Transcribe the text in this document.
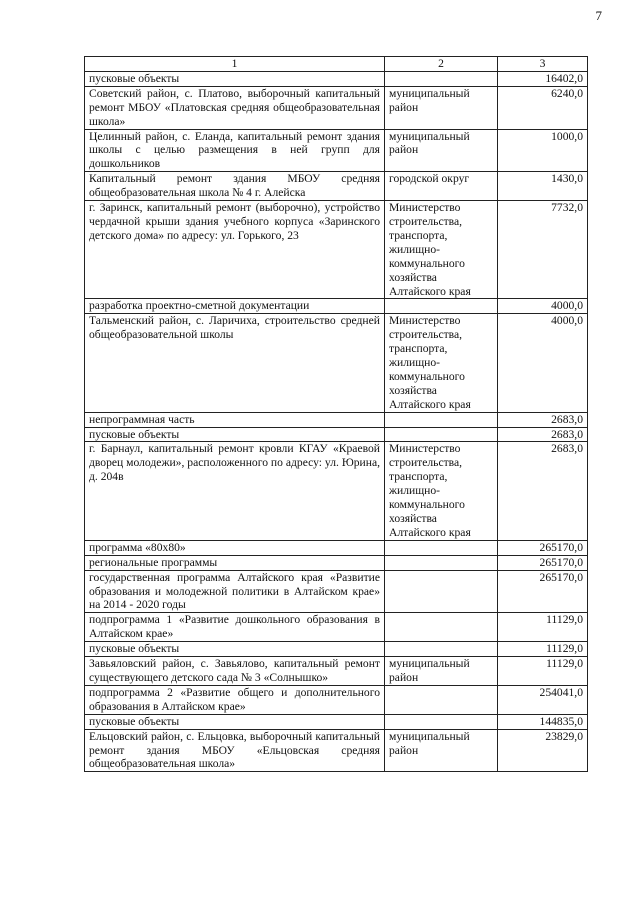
7
1	2	3
пусковые объекты		16402,0
Советский район, с. Платово, выборочный капитальный ремонт МБОУ «Платовская средняя общеобразовательная школа»	муниципальный район	6240,0
Целинный район, с. Еланда, капитальный ремонт здания школы с целью размещения в ней групп для дошкольников	муниципальный район	1000,0
Капитальный ремонт здания МБОУ средняя общеобразовательная школа № 4 г. Алейска	городской округ	1430,0
г. Заринск, капитальный ремонт (выборочно), устройство чердачной крыши здания учебного корпуса «Заринского детского дома» по адресу: ул. Горького, 23	Министерство строительства, транспорта, жилищно-коммунального хозяйства Алтайского края	7732,0
разработка проектно-сметной документации		4000,0
Тальменский район, с. Ларичиха, строительство средней общеобразовательной школы	Министерство строительства, транспорта, жилищно-коммунального хозяйства Алтайского края	4000,0
непрограммная часть		2683,0
пусковые объекты		2683,0
г. Барнаул, капитальный ремонт кровли КГАУ «Краевой дворец молодежи», расположенного по адресу: ул. Юрина, д. 204в	Министерство строительства, транспорта, жилищно-коммунального хозяйства Алтайского края	2683,0
программа «80х80»		265170,0
региональные программы		265170,0
государственная программа Алтайского края «Развитие образования и молодежной политики в Алтайском крае» на 2014 - 2020 годы		265170,0
подпрограмма 1 «Развитие дошкольного образования в Алтайском крае»		11129,0
пусковые объекты		11129,0
Завьяловский район, с. Завьялово, капитальный ремонт существующего детского сада № 3 «Солнышко»	муниципальный район	11129,0
подпрограмма 2 «Развитие общего и дополнительного образования в Алтайском крае»		254041,0
пусковые объекты		144835,0
Ельцовский район, с. Ельцовка, выборочный капитальный ремонт здания МБОУ «Ельцовская средняя общеобразовательная школа»	муниципальный район	23829,0
